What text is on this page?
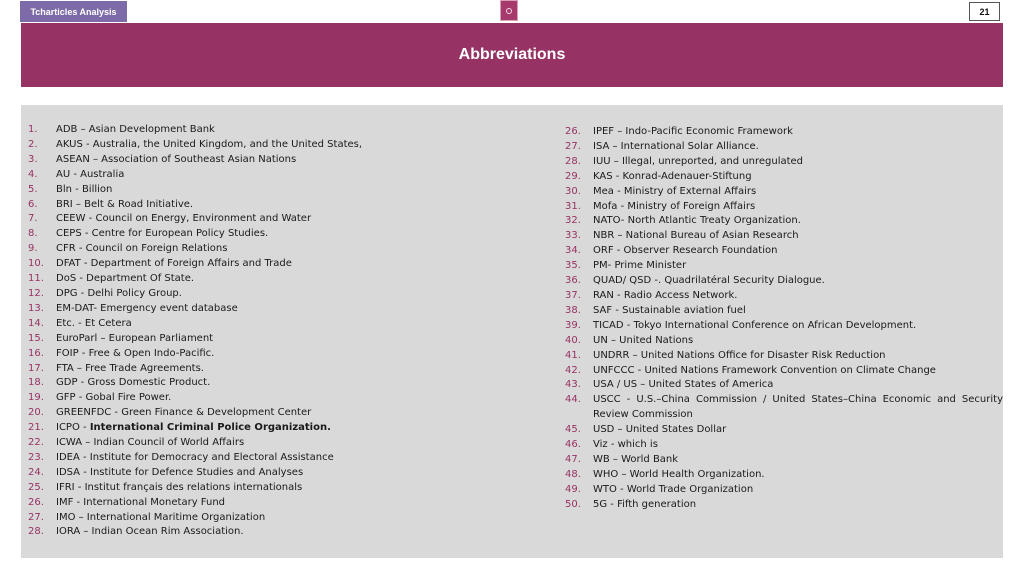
Tcharticles Analysis	21
Abbreviations
1.	ADB – Asian Development Bank
2.	AKUS - Australia, the United Kingdom, and the United States,
3.	ASEAN – Association of Southeast Asian Nations
4.	AU - Australia
5.	Bln - Billion
6.	BRI – Belt & Road Initiative.
7.	CEEW - Council on Energy, Environment and Water
8.	CEPS - Centre for European Policy Studies.
9.	CFR - Council on Foreign Relations
10.	DFAT - Department of Foreign Affairs and Trade
11.	DoS - Department Of State.
12.	DPG - Delhi Policy Group.
13.	EM-DAT- Emergency event database
14.	Etc. - Et Cetera
15.	EuroParl – European Parliament
16.	FOIP - Free & Open Indo-Pacific.
17.	FTA – Free Trade Agreements.
18.	GDP - Gross Domestic Product.
19.	GFP - Gobal Fire Power.
20.	GREENFDC - Green Finance & Development Center
21.	ICPO - International Criminal Police Organization.
22.	ICWA – Indian Council of World Affairs
23.	IDEA - Institute for Democracy and Electoral Assistance
24.	IDSA - Institute for Defence Studies and Analyses
25.	IFRI - Institut français des relations internationals
26.	IMF - International Monetary Fund
27.	IMO – International Maritime Organization
28.	IORA – Indian Ocean Rim Association.
26.	IPEF – Indo-Pacific Economic Framework
27.	ISA – International Solar Alliance.
28.	IUU – Illegal, unreported, and unregulated
29.	KAS - Konrad-Adenauer-Stiftung
30.	Mea - Ministry of External Affairs
31.	Mofa - Ministry of Foreign Affairs
32.	NATO- North Atlantic Treaty Organization.
33.	NBR – National Bureau of Asian Research
34.	ORF - Observer Research Foundation
35.	PM- Prime Minister
36.	QUAD/ QSD -. Quadrilatéral Security Dialogue.
37.	RAN - Radio Access Network.
38.	SAF - Sustainable aviation fuel
39.	TICAD - Tokyo International Conference on African Development.
40.	UN – United Nations
41.	UNDRR – United Nations Office for Disaster Risk Reduction
42.	UNFCCC - United Nations Framework Convention on Climate Change
43.	USA / US – United States of America
44.	USCC - U.S.–China Commission / United States–China Economic and Security Review Commission
45.	USD – United States Dollar
46.	Viz - which is
47.	WB – World Bank
48.	WHO – World Health Organization.
49.	WTO - World Trade Organization
50.	5G - Fifth generation
